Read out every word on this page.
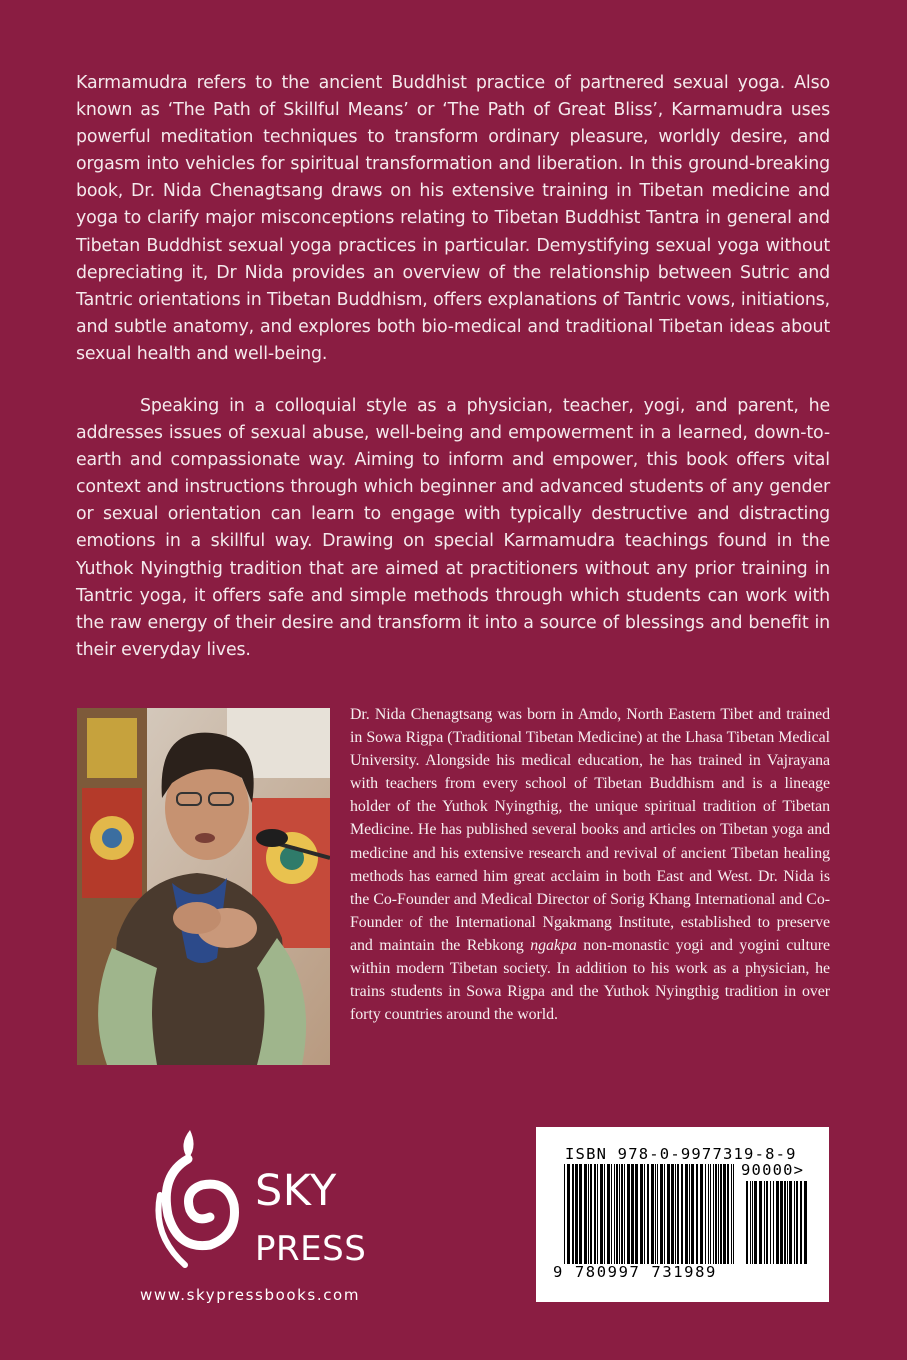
Karmamudra refers to the ancient Buddhist practice of partnered sexual yoga. Also known as ‘The Path of Skillful Means’ or ‘The Path of Great Bliss’, Karmamudra uses powerful meditation techniques to transform ordinary pleasure, worldly desire, and orgasm into vehicles for spiritual transformation and liberation. In this ground-breaking book, Dr. Nida Chenagtsang draws on his extensive training in Tibetan medicine and yoga to clarify major misconceptions relating to Tibetan Buddhist Tantra in general and Tibetan Buddhist sexual yoga practices in particular. Demystifying sexual yoga without depreciating it, Dr Nida provides an overview of the relationship between Sutric and Tantric orientations in Tibetan Buddhism, offers explanations of Tantric vows, initiations, and subtle anatomy, and explores both bio-medical and traditional Tibetan ideas about sexual health and well-being.

Speaking in a colloquial style as a physician, teacher, yogi, and parent, he addresses issues of sexual abuse, well-being and empowerment in a learned, down-to-earth and compassionate way. Aiming to inform and empower, this book offers vital context and instructions through which beginner and advanced students of any gender or sexual orientation can learn to engage with typically destructive and distracting emotions in a skillful way. Drawing on special Karmamudra teachings found in the Yuthok Nyingthig tradition that are aimed at practitioners without any prior training in Tantric yoga, it offers safe and simple methods through which students can work with the raw energy of their desire and transform it into a source of blessings and benefit in their everyday lives.

Dr. Nida Chenagtsang was born in Amdo, North Eastern Tibet and trained in Sowa Rigpa (Traditional Tibetan Medicine) at the Lhasa Tibetan Medical University. Alongside his medical education, he has trained in Vajrayana with teachers from every school of Tibetan Buddhism and is a lineage holder of the Yuthok Nyingthig, the unique spiritual tradition of Tibetan Medicine. He has published several books and articles on Tibetan yoga and medicine and his extensive research and revival of ancient Tibetan healing methods has earned him great acclaim in both East and West. Dr. Nida is the Co-Founder and Medical Director of Sorig Khang International and Co-Founder of the International Ngakmang Institute, established to preserve and maintain the Rebkong ngakpa non-monastic yogi and yogini culture within modern Tibetan society. In addition to his work as a physician, he trains students in Sowa Rigpa and the Yuthok Nyingthig tradition in over forty countries around the world.

SKY

PRESS

www.skypressbooks.com

ISBN 978-0-9977319-8-9

90000>

9 780997 731989
